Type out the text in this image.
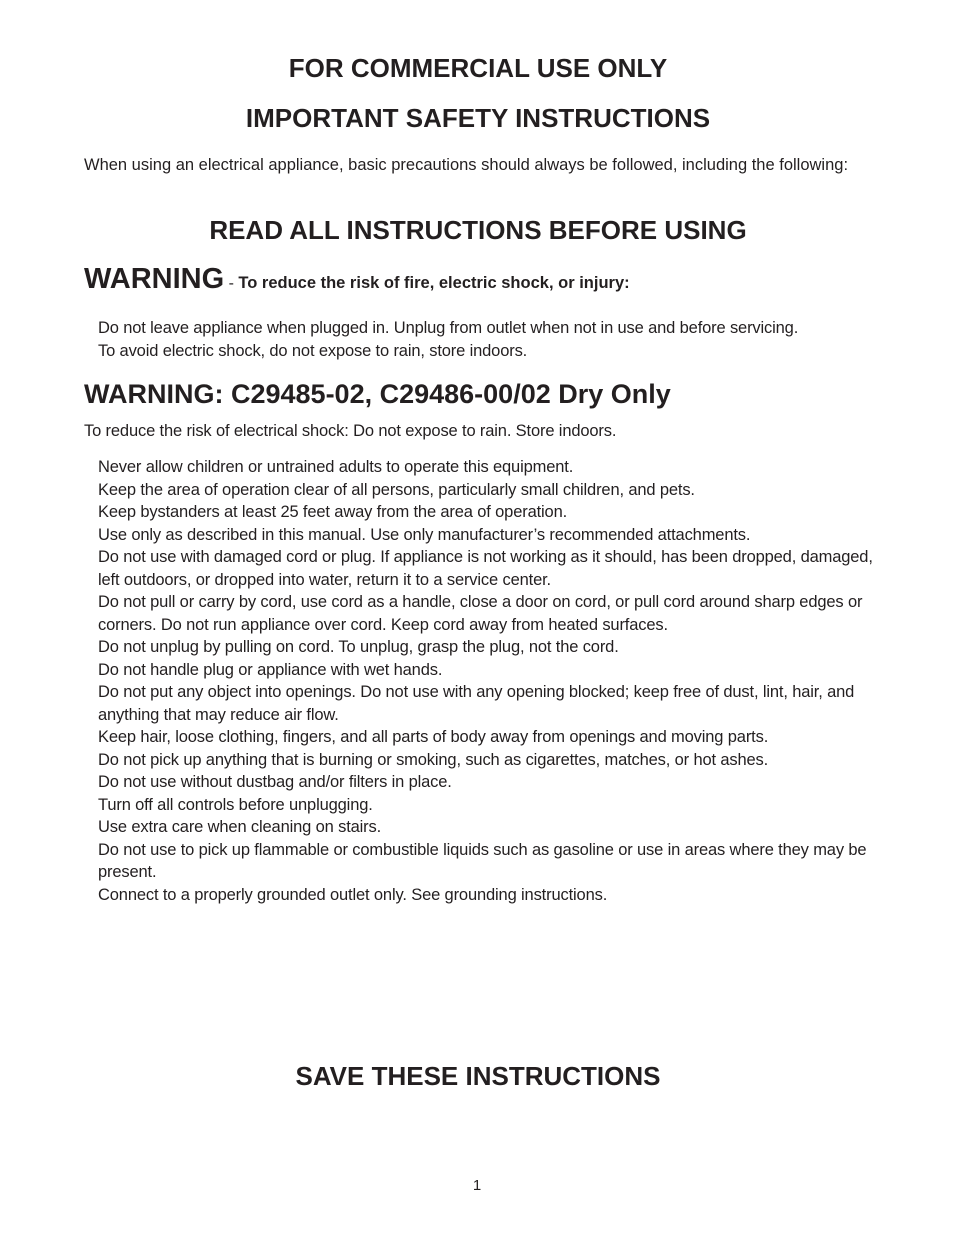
FOR COMMERCIAL USE ONLY
IMPORTANT SAFETY INSTRUCTIONS

When using an electrical appliance, basic precautions should always be followed, including the following:

READ ALL INSTRUCTIONS BEFORE USING

WARNING - To reduce the risk of fire, electric shock, or injury:

Do not leave appliance when plugged in. Unplug from outlet when not in use and before servicing.
To avoid electric shock, do not expose to rain, store indoors.
WARNING: C29485-02, C29486-00/02 Dry Only

To reduce the risk of electrical shock: Do not expose to rain. Store indoors.

Never allow children or untrained adults to operate this equipment.
Keep the area of operation clear of all persons, particularly small children, and pets.
Keep bystanders at least 25 feet away from the area of operation.
Use only as described in this manual. Use only manufacturer’s recommended attachments.
Do not use with damaged cord or plug. If appliance is not working as it should, has been dropped, damaged, left outdoors, or dropped into water, return it to a service center.
Do not pull or carry by cord, use cord as a handle, close a door on cord, or pull cord around sharp edges or corners. Do not run appliance over cord. Keep cord away from heated surfaces.
Do not unplug by pulling on cord. To unplug, grasp the plug, not the cord.
Do not handle plug or appliance with wet hands.
Do not put any object into openings. Do not use with any opening blocked; keep free of dust, lint, hair, and anything that may reduce air flow.
Keep hair, loose clothing, fingers, and all parts of body away from openings and moving parts.
Do not pick up anything that is burning or smoking, such as cigarettes, matches, or hot ashes.
Do not use without dustbag and/or filters in place.
Turn off all controls before unplugging.
Use extra care when cleaning on stairs.
Do not use to pick up flammable or combustible liquids such as gasoline or use in areas where they may be present.
Connect to a properly grounded outlet only. See grounding instructions.
SAVE THESE INSTRUCTIONS

1
